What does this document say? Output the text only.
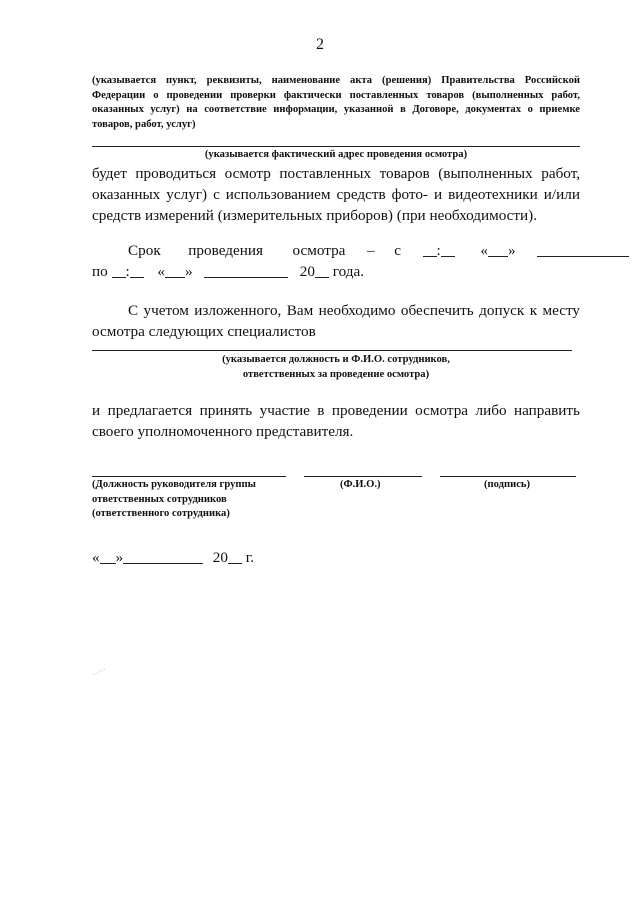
2
(указывается пункт, реквизиты, наименование акта (решения) Правительства Российской Федерации о проведении проверки фактически поставленных товаров (выполненных работ, оказанных услуг) на соответствие информации, указанной в Договоре, документах о приемке товаров, работ, услуг)
(указывается фактический адрес проведения осмотра)
будет проводиться осмотр поставленных товаров (выполненных работ, оказанных услуг) с использованием средств фото- и видеотехники и/или средств измерений (измерительных приборов) (при необходимости).
Срок проведения осмотра – с :	« »
по : « »	20 года.
С учетом изложенного, Вам необходимо обеспечить допуск к месту осмотра следующих специалистов
(указывается должность и Ф.И.О. сотрудников,
ответственных за проведение осмотра)
и предлагается принять участие в проведении осмотра либо направить своего уполномоченного представителя.
(Должность руководителя группы
ответственных сотрудников
(ответственного сотрудника)
(Ф.И.О.)	(подпись)
« »	20 г.
